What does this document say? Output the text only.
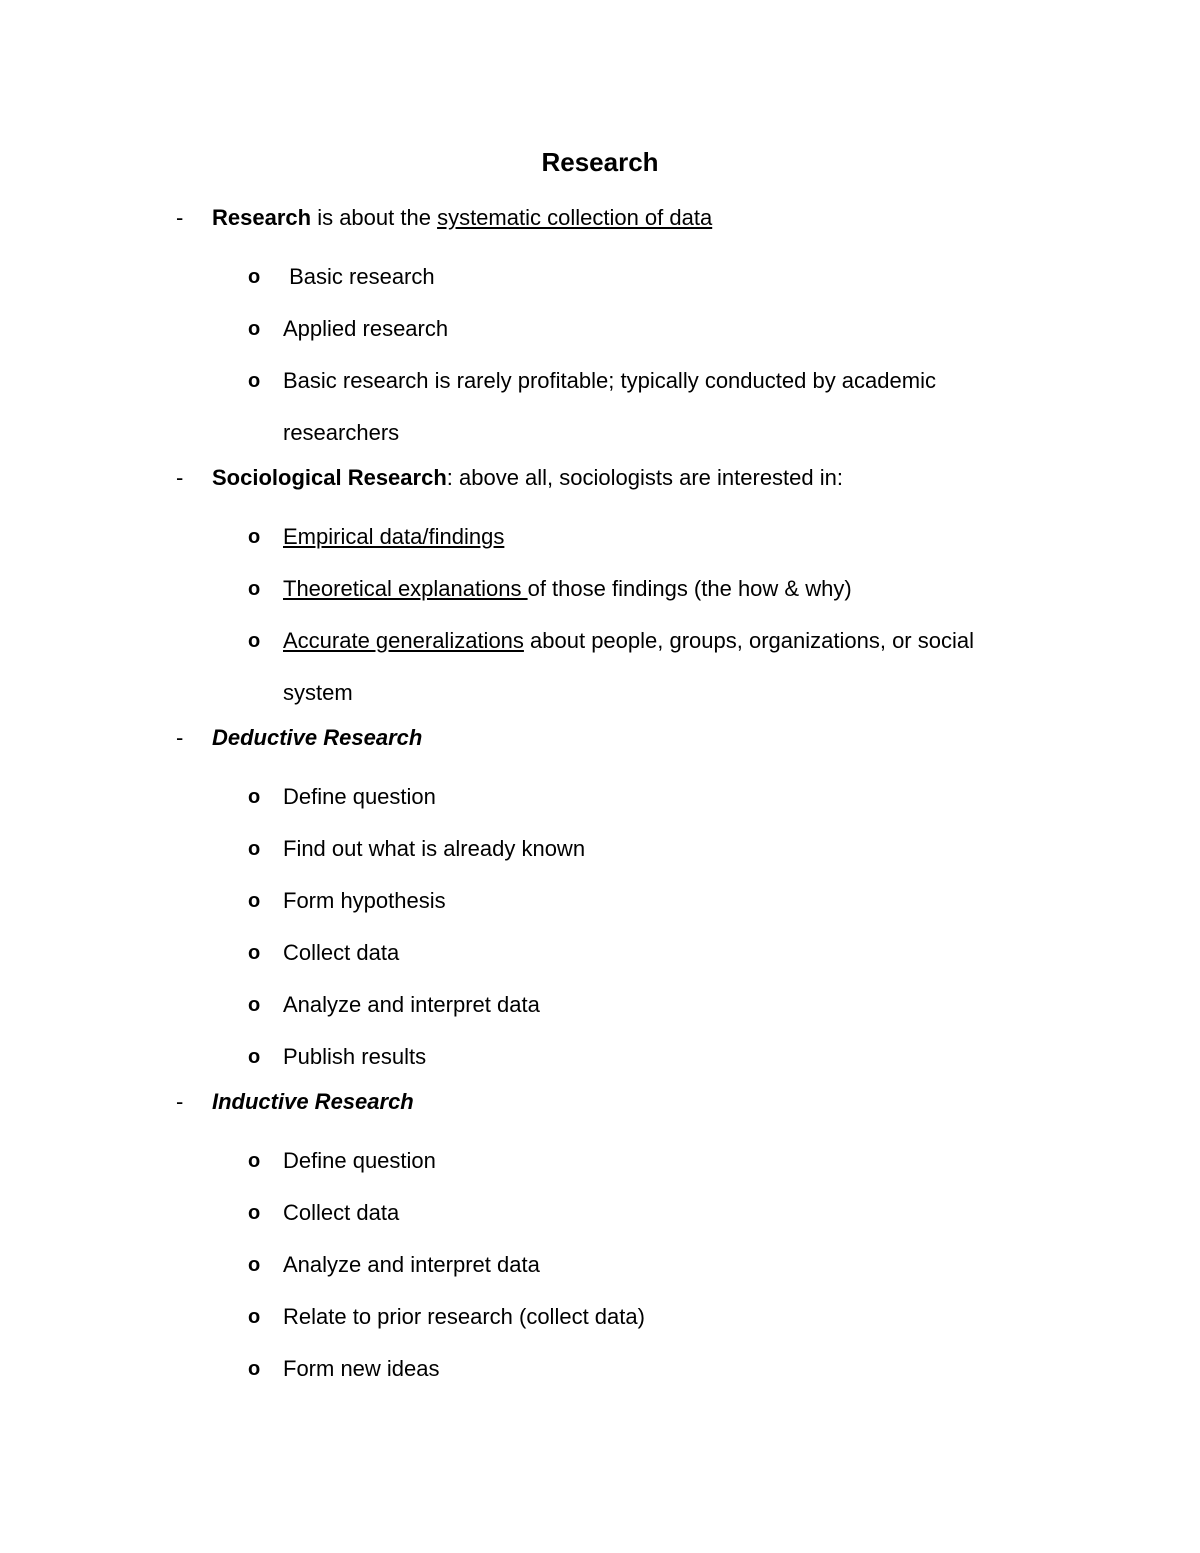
Research
- Research is about the systematic collection of data
o Basic research
o Applied research
o Basic research is rarely profitable; typically conducted by academic researchers
- Sociological Research: above all, sociologists are interested in:
o Empirical data/findings
o Theoretical explanations of those findings (the how & why)
o Accurate generalizations about people, groups, organizations, or social system
- Deductive Research
o Define question
o Find out what is already known
o Form hypothesis
o Collect data
o Analyze and interpret data
o Publish results
- Inductive Research
o Define question
o Collect data
o Analyze and interpret data
o Relate to prior research (collect data)
o Form new ideas
